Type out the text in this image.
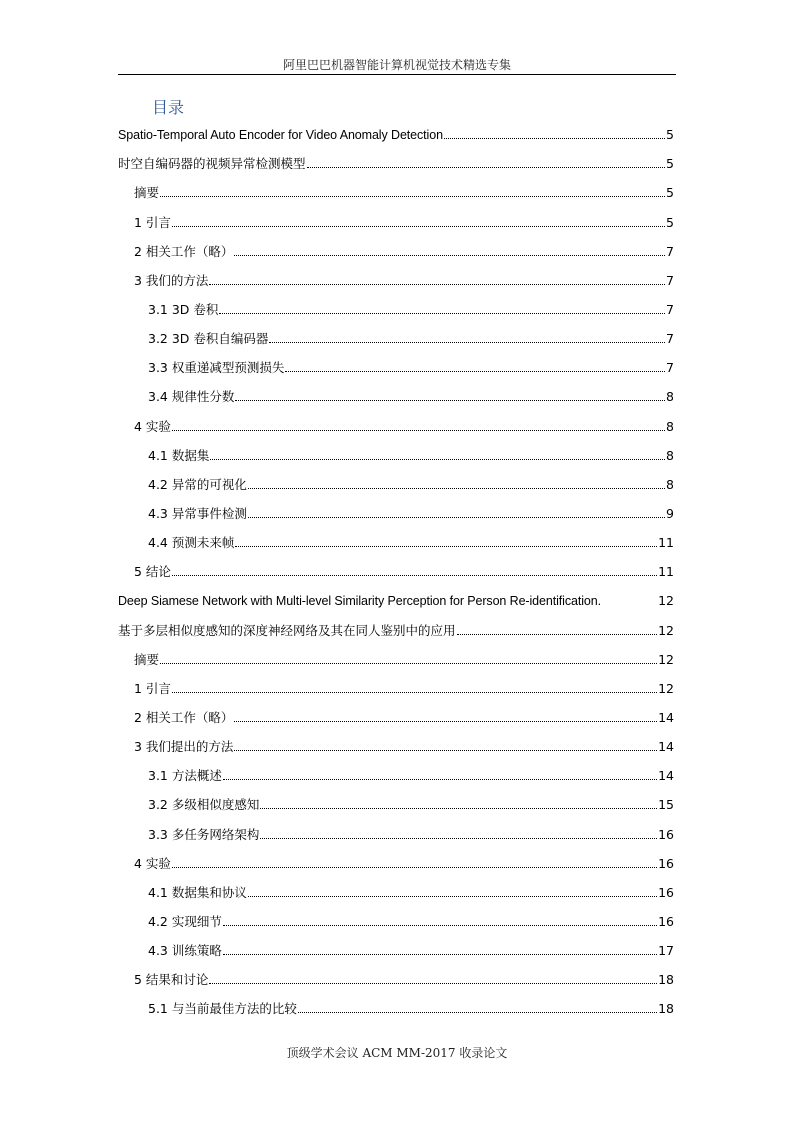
阿里巴巴机器智能计算机视觉技术精选专集
目录
Spatio-Temporal Auto Encoder for Video Anomaly Detection	5
时空自编码器的视频异常检测模型	5
摘要	5
1 引言	5
2 相关工作（略）	7
3 我们的方法	7
3.1 3D 卷积	7
3.2 3D 卷积自编码器	7
3.3 权重递减型预测损失	7
3.4 规律性分数	8
4 实验	8
4.1 数据集	8
4.2 异常的可视化	8
4.3 异常事件检测	9
4.4 预测未来帧	11
5 结论	11
Deep Siamese Network with Multi-level Similarity Perception for Person Re-identification.	12
基于多层相似度感知的深度神经网络及其在同人鉴别中的应用	12
摘要	12
1 引言	12
2 相关工作（略）	14
3 我们提出的方法	14
3.1 方法概述	14
3.2 多级相似度感知	15
3.3 多任务网络架构	16
4 实验	16
4.1 数据集和协议	16
4.2 实现细节	16
4.3 训练策略	17
5 结果和讨论	18
5.1 与当前最佳方法的比较	18
顶级学术会议 ACM MM-2017 收录论文
